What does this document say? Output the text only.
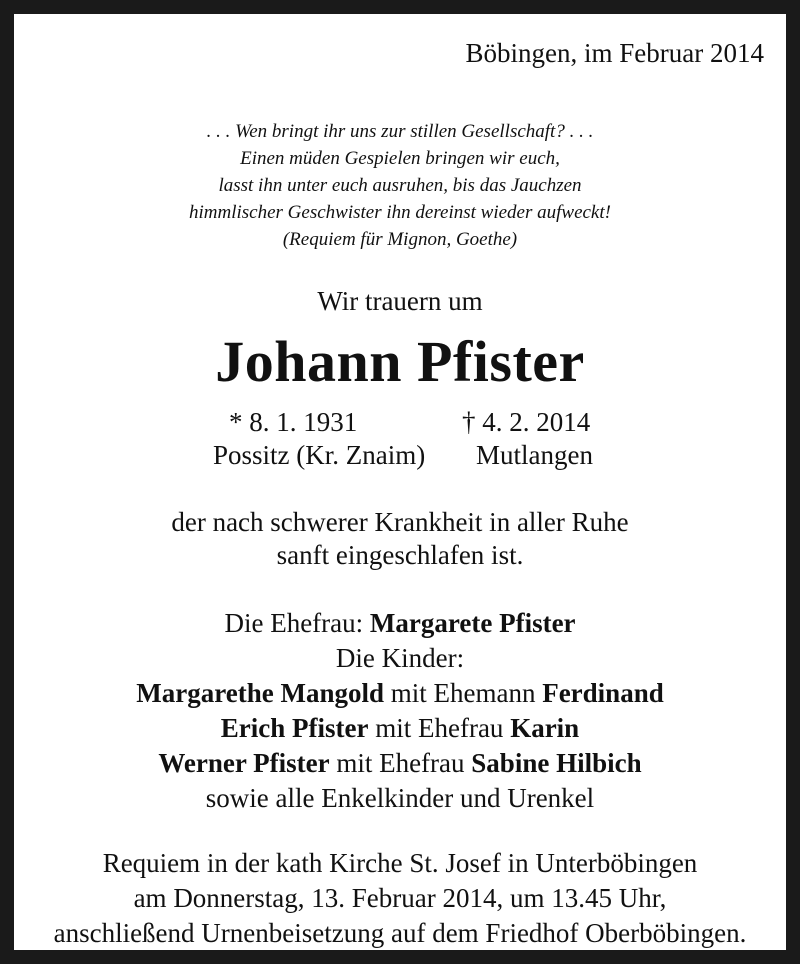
Böbingen, im Februar 2014
. . . Wen bringt ihr uns zur stillen Gesellschaft? . . .
Einen müden Gespielen bringen wir euch,
lasst ihn unter euch ausruhen, bis das Jauchzen
himmlischer Geschwister ihn dereinst wieder aufweckt!
(Requiem für Mignon, Goethe)
Wir trauern um
Johann Pfister
* 8. 1. 1931	† 4. 2. 2014
Possitz (Kr. Znaim) Mutlangen
der nach schwerer Krankheit in aller Ruhe
sanft eingeschlafen ist.
Die Ehefrau: Margarete Pfister
Die Kinder:
Margarethe Mangold mit Ehemann Ferdinand
Erich Pfister mit Ehefrau Karin
Werner Pfister mit Ehefrau Sabine Hilbich
sowie alle Enkelkinder und Urenkel
Requiem in der kath Kirche St. Josef in Unterböbingen
am Donnerstag, 13. Februar 2014, um 13.45 Uhr,
anschließend Urnenbeisetzung auf dem Friedhof Oberböbingen.
